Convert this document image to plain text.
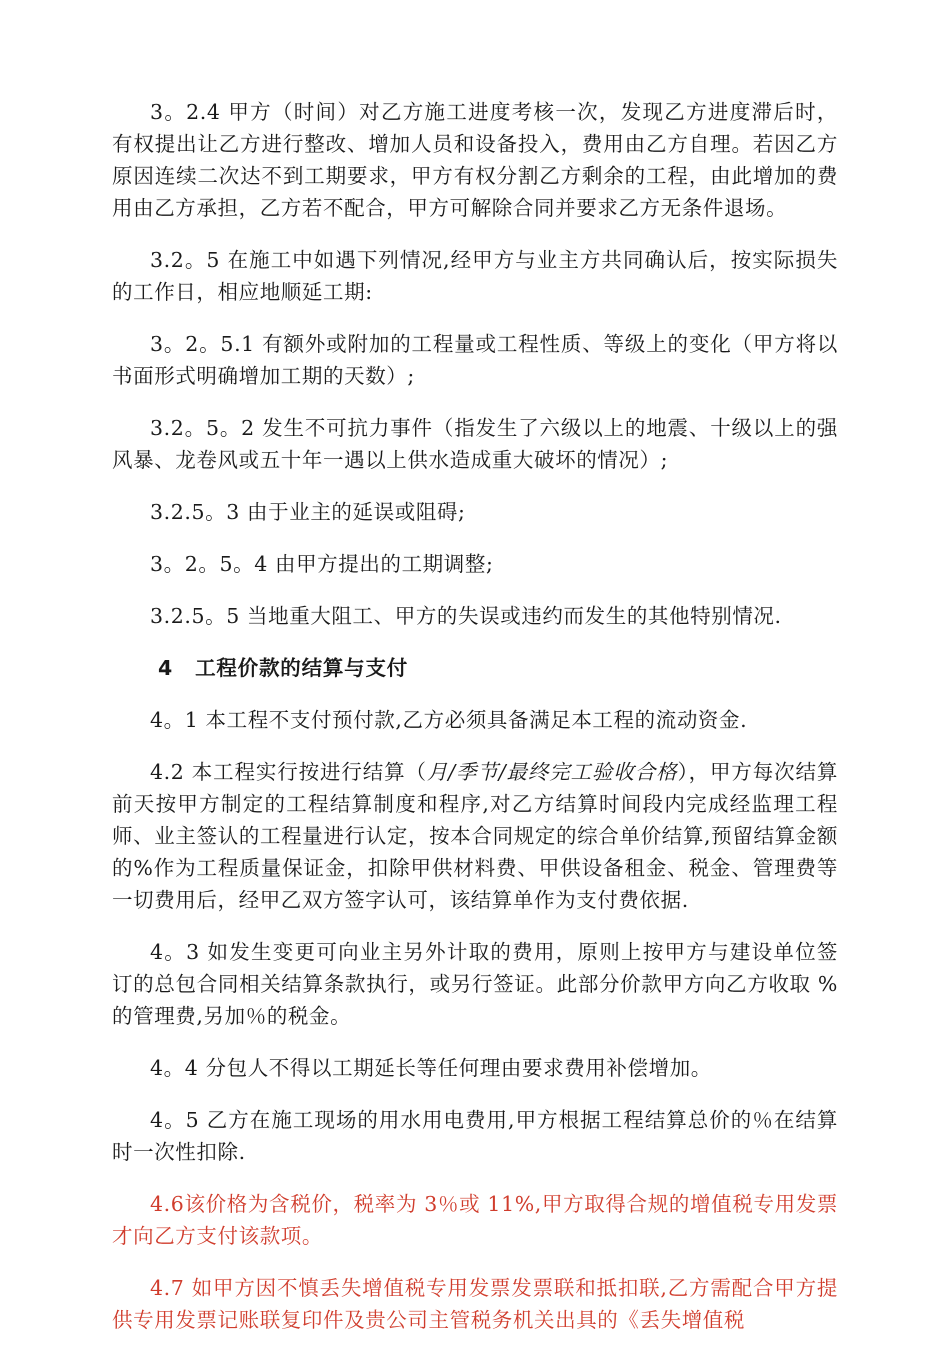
3。2.4 甲方（时间）对乙方施工进度考核一次，发现乙方进度滞后时，有权提出让乙方进行整改、增加人员和设备投入，费用由乙方自理。若因乙方原因连续二次达不到工期要求，甲方有权分割乙方剩余的工程，由此增加的费用由乙方承担，乙方若不配合，甲方可解除合同并要求乙方无条件退场。

3.2。5 在施工中如遇下列情况,经甲方与业主方共同确认后，按实际损失的工作日，相应地顺延工期:

3。2。5.1 有额外或附加的工程量或工程性质、等级上的变化（甲方将以书面形式明确增加工期的天数）;

3.2。5。2 发生不可抗力事件（指发生了六级以上的地震、十级以上的强风暴、龙卷风或五十年一遇以上供水造成重大破坏的情况）;

3.2.5。3 由于业主的延误或阻碍;

3。2。5。4 由甲方提出的工期调整;

3.2.5。5 当地重大阻工、甲方的失误或违约而发生的其他特别情况.

4 工程价款的结算与支付

4。1 本工程不支付预付款,乙方必须具备满足本工程的流动资金.

4.2 本工程实行按进行结算（月/季节/最终完工验收合格），甲方每次结算前天按甲方制定的工程结算制度和程序,对乙方结算时间段内完成经监理工程师、业主签认的工程量进行认定，按本合同规定的综合单价结算,预留结算金额的%作为工程质量保证金，扣除甲供材料费、甲供设备租金、税金、管理费等一切费用后，经甲乙双方签字认可，该结算单作为支付费依据.

4。3 如发生变更可向业主另外计取的费用，原则上按甲方与建设单位签订的总包合同相关结算条款执行，或另行签证。此部分价款甲方向乙方收取 %的管理费,另加％的税金。

4。4 分包人不得以工期延长等任何理由要求费用补偿增加。

4。5 乙方在施工现场的用水用电费用,甲方根据工程结算总价的％在结算时一次性扣除.

4.6该价格为含税价，税率为 3％或 11%,甲方取得合规的增值税专用发票才向乙方支付该款项。

4.7 如甲方因不慎丢失增值税专用发票发票联和抵扣联,乙方需配合甲方提供专用发票记账联复印件及贵公司主管税务机关出具的《丢失增值税
